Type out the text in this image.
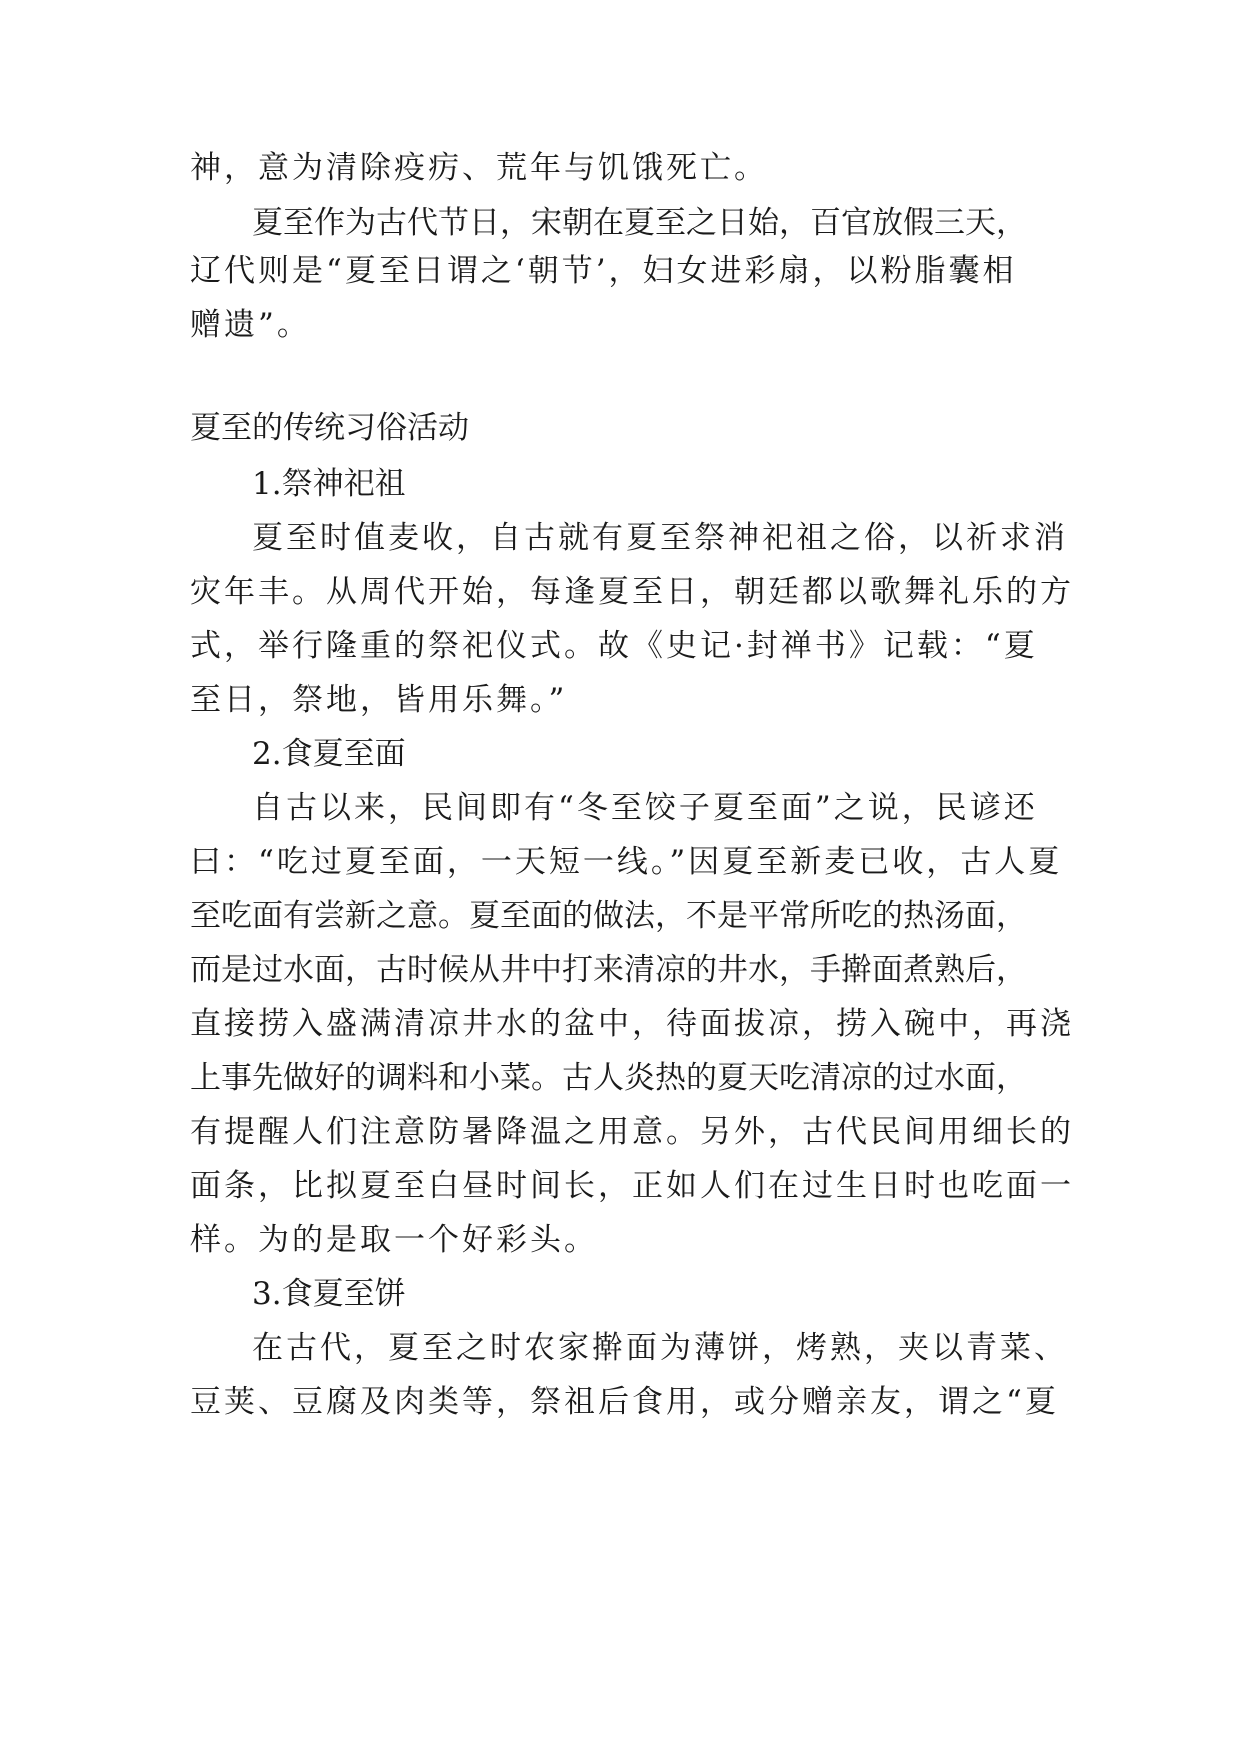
神，意为清除疫疠、荒年与饥饿死亡。
夏至作为古代节日，宋朝在夏至之日始，百官放假三天，
辽代则是“夏至日谓之‘朝节’，妇女进彩扇，以粉脂囊相
赠遗”。
夏至的传统习俗活动
1.祭神祀祖
夏至时值麦收，自古就有夏至祭神祀祖之俗，以祈求消
灾年丰。从周代开始，每逢夏至日，朝廷都以歌舞礼乐的方
式，举行隆重的祭祀仪式。故《史记·封禅书》记载：“夏
至日，祭地，皆用乐舞。”
2.食夏至面
自古以来，民间即有“冬至饺子夏至面”之说，民谚还
曰：“吃过夏至面，一天短一线。”因夏至新麦已收，古人夏
至吃面有尝新之意。夏至面的做法，不是平常所吃的热汤面，
而是过水面，古时候从井中打来清凉的井水，手擀面煮熟后，
直接捞入盛满清凉井水的盆中，待面拔凉，捞入碗中，再浇
上事先做好的调料和小菜。古人炎热的夏天吃清凉的过水面，
有提醒人们注意防暑降温之用意。另外，古代民间用细长的
面条，比拟夏至白昼时间长，正如人们在过生日时也吃面一
样。为的是取一个好彩头。
3.食夏至饼
在古代，夏至之时农家擀面为薄饼，烤熟，夹以青菜、
豆荚、豆腐及肉类等，祭祖后食用，或分赠亲友，谓之“夏
